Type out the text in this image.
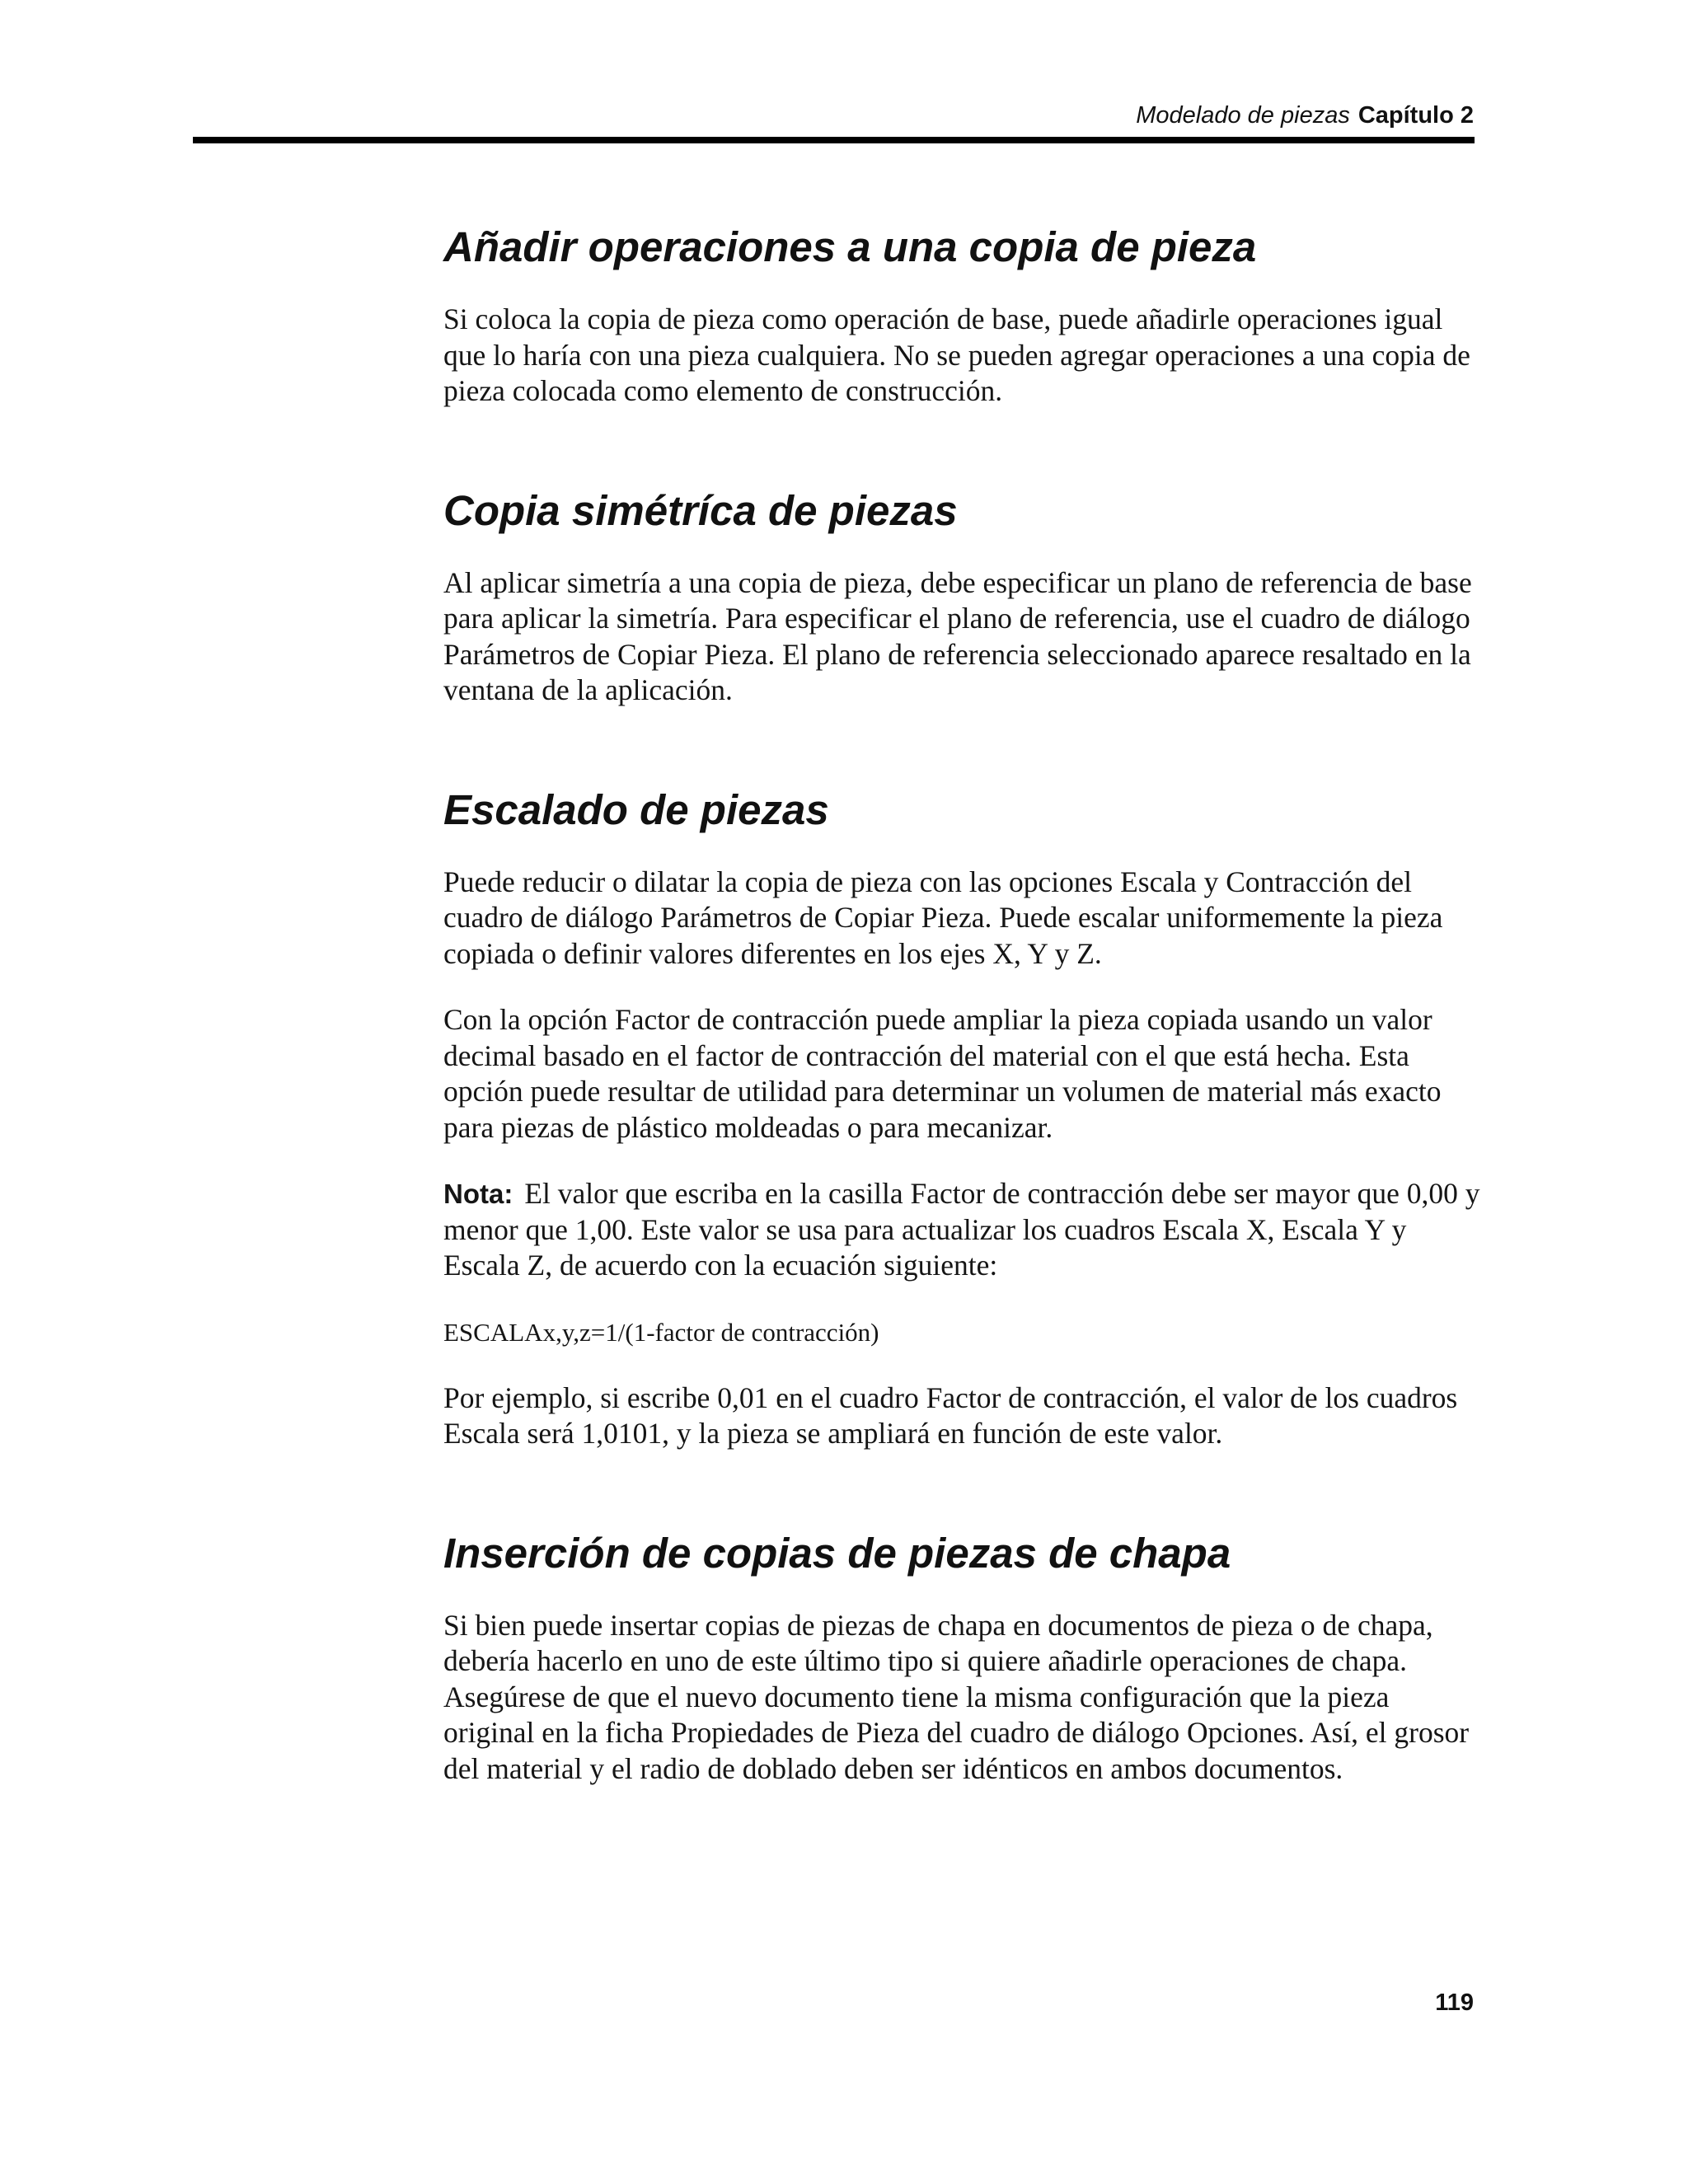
Modelado de piezas Capítulo 2
Añadir operaciones a una copia de pieza

Si coloca la copia de pieza como operación de base, puede añadirle operaciones igual que lo haría con una pieza cualquiera. No se pueden agregar operaciones a una copia de pieza colocada como elemento de construcción.

Copia simétríca de piezas

Al aplicar simetría a una copia de pieza, debe especificar un plano de referencia de base para aplicar la simetría. Para especificar el plano de referencia, use el cuadro de diálogo Parámetros de Copiar Pieza. El plano de referencia seleccionado aparece resaltado en la ventana de la aplicación.

Escalado de piezas

Puede reducir o dilatar la copia de pieza con las opciones Escala y Contracción del cuadro de diálogo Parámetros de Copiar Pieza. Puede escalar uniformemente la pieza copiada o definir valores diferentes en los ejes X, Y y Z.

Con la opción Factor de contracción puede ampliar la pieza copiada usando un valor decimal basado en el factor de contracción del material con el que está hecha. Esta opción puede resultar de utilidad para determinar un volumen de material más exacto para piezas de plástico moldeadas o para mecanizar.

Nota: El valor que escriba en la casilla Factor de contracción debe ser mayor que 0,00 y menor que 1,00. Este valor se usa para actualizar los cuadros Escala X, Escala Y y Escala Z, de acuerdo con la ecuación siguiente:

ESCALAx,y,z=1/(1-factor de contracción)

Por ejemplo, si escribe 0,01 en el cuadro Factor de contracción, el valor de los cuadros Escala será 1,0101, y la pieza se ampliará en función de este valor.

Inserción de copias de piezas de chapa

Si bien puede insertar copias de piezas de chapa en documentos de pieza o de chapa, debería hacerlo en uno de este último tipo si quiere añadirle operaciones de chapa. Asegúrese de que el nuevo documento tiene la misma configuración que la pieza original en la ficha Propiedades de Pieza del cuadro de diálogo Opciones. Así, el grosor del material y el radio de doblado deben ser idénticos en ambos documentos.

119
